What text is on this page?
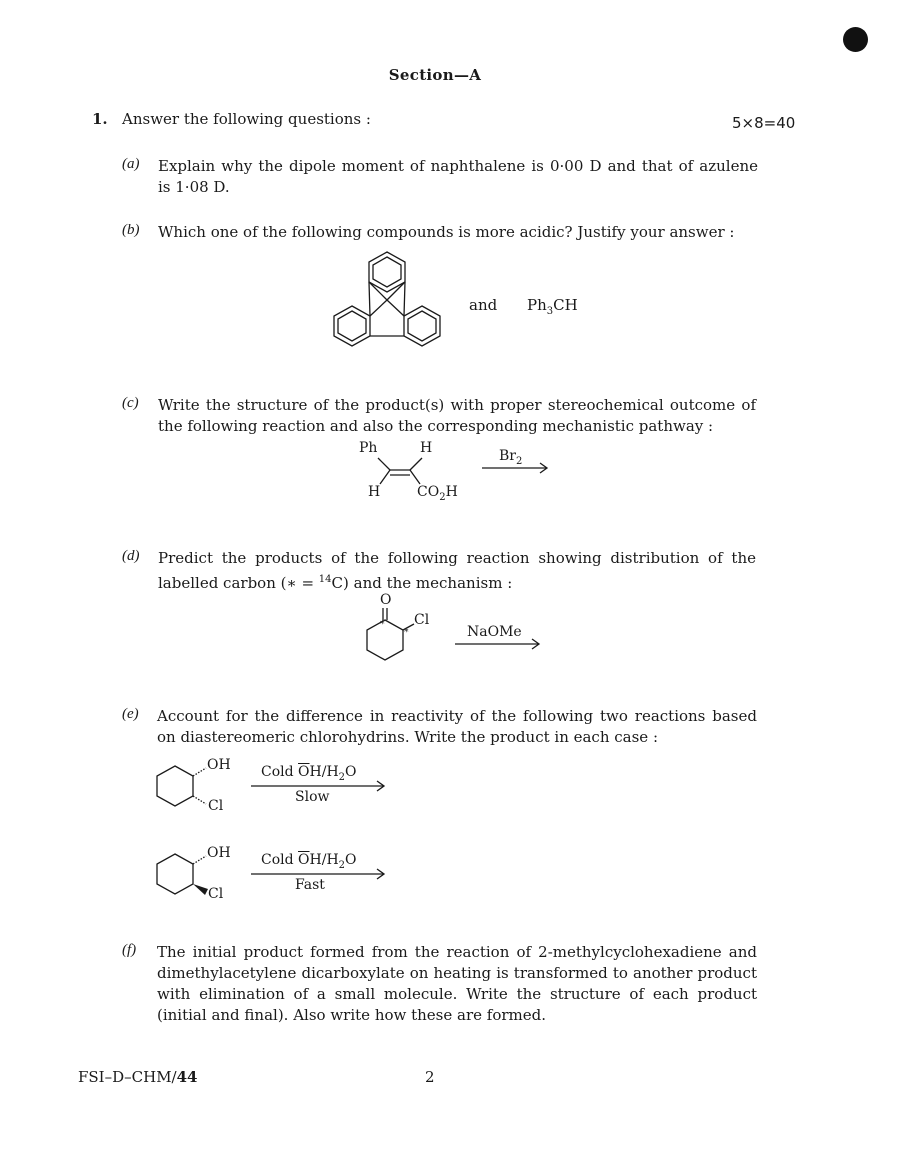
Section—A
1. Answer the following questions :	5×8=40
(a) Explain why the dipole moment of naphthalene is 0·00 D and that of azulene is 1·08 D.
(b) Which one of the following compounds is more acidic? Justify your answer :
and $Ph_3CH$
(c) Write the structure of the product(s) with proper stereochemical outcome of the following reaction and also the corresponding mechanistic pathway :
Ph	H
H	$CO_2H$
$Br_2$
(d) Predict the products of the following reaction showing distribution of the labelled carbon (∗ = $^{14}$C) and the mechanism :
O
Cl
*
*	NaOMe
(e) Account for the difference in reactivity of the following two reactions based on diastereomeric chlorohydrins. Write the product in each case :
OH
Cl
Cold $\overline{O}H/H_2O$
Slow
OH
Cl
Cold $\overline{O}H/H_2O$
Fast
(f) The initial product formed from the reaction of 2-methylcyclohexadiene and dimethylacetylene dicarboxylate on heating is transformed to another product with elimination of a small molecule. Write the structure of each product (initial and final). Also write how these are formed.
FSI–D–CHM/44	2
